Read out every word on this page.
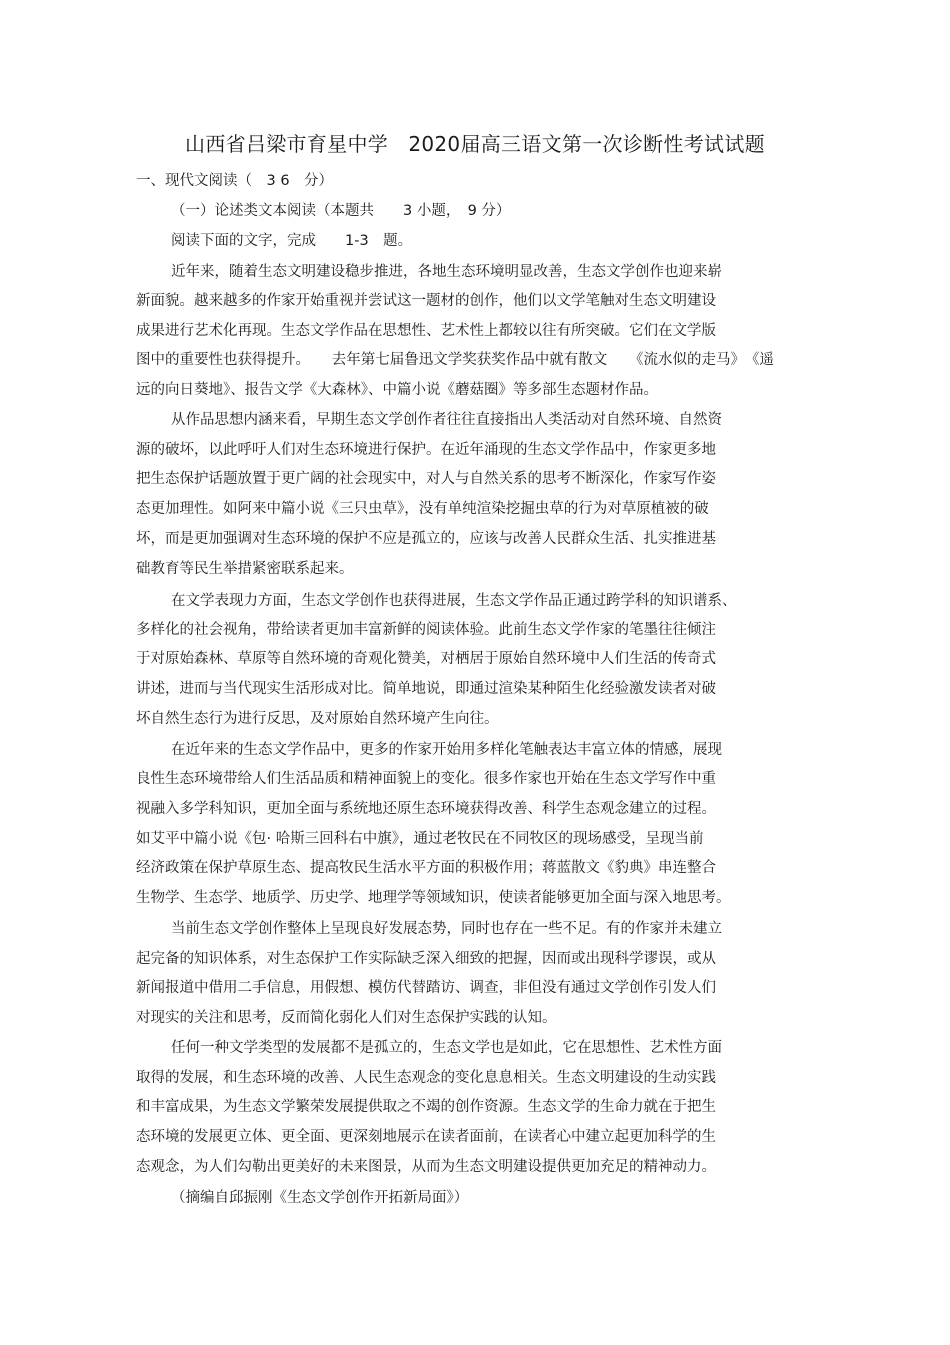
山西省吕梁市育星中学　2020届高三语文第一次诊断性考试试题
一、现代文阅读（　3 6　分）
（一）论述类文本阅读（本题共　　3 小题，　9 分）
阅读下面的文字，完成　　1-3　题。
近年来，随着生态文明建设稳步推进，各地生态环境明显改善，生态文学创作也迎来崭
新面貌。越来越多的作家开始重视并尝试这一题材的创作，他们以文学笔触对生态文明建设
成果进行艺术化再现。生态文学作品在思想性、艺术性上都较以往有所突破。它们在文学版
图中的重要性也获得提升。　　去年第七届鲁迅文学奖获奖作品中就有散文　　《流水似的走马》　《遥
远的向日葵地》、报告文学《大森林》、中篇小说《蘑菇圈》等多部生态题材作品。
从作品思想内涵来看，早期生态文学创作者往往直接指出人类活动对自然环境、自然资
源的破坏，以此呼吁人们对生态环境进行保护。在近年涌现的生态文学作品中，作家更多地
把生态保护话题放置于更广阔的社会现实中，对人与自然关系的思考不断深化，作家写作姿
态更加理性。如阿来中篇小说《三只虫草》，没有单纯渲染挖掘虫草的行为对草原植被的破
坏，而是更加强调对生态环境的保护不应是孤立的，应该与改善人民群众生活、扎实推进基
础教育等民生举措紧密联系起来。
在文学表现力方面，生态文学创作也获得进展，生态文学作品正通过跨学科的知识谱系、
多样化的社会视角，带给读者更加丰富新鲜的阅读体验。此前生态文学作家的笔墨往往倾注
于对原始森林、草原等自然环境的奇观化赞美，对栖居于原始自然环境中人们生活的传奇式
讲述，进而与当代现实生活形成对比。简单地说，即通过渲染某种陌生化经验激发读者对破
坏自然生态行为进行反思，及对原始自然环境产生向往。
在近年来的生态文学作品中，更多的作家开始用多样化笔触表达丰富立体的情感，展现
良性生态环境带给人们生活品质和精神面貌上的变化。很多作家也开始在生态文学写作中重
视融入多学科知识，更加全面与系统地还原生态环境获得改善、科学生态观念建立的过程。
如艾平中篇小说《包· 哈斯三回科右中旗》，通过老牧民在不同牧区的现场感受，呈现当前
经济政策在保护草原生态、提高牧民生活水平方面的积极作用；蒋蓝散文《豹典》串连整合
生物学、生态学、地质学、历史学、地理学等领域知识，使读者能够更加全面与深入地思考。
当前生态文学创作整体上呈现良好发展态势，同时也存在一些不足。有的作家并未建立
起完备的知识体系，对生态保护工作实际缺乏深入细致的把握，因而或出现科学谬误，或从
新闻报道中借用二手信息，用假想、模仿代替踏访、调查，非但没有通过文学创作引发人们
对现实的关注和思考，反而简化弱化人们对生态保护实践的认知。
任何一种文学类型的发展都不是孤立的，生态文学也是如此，它在思想性、艺术性方面
取得的发展，和生态环境的改善、人民生态观念的变化息息相关。生态文明建设的生动实践
和丰富成果，为生态文学繁荣发展提供取之不竭的创作资源。生态文学的生命力就在于把生
态环境的发展更立体、更全面、更深刻地展示在读者面前，在读者心中建立起更加科学的生
态观念，为人们勾勒出更美好的未来图景，从而为生态文明建设提供更加充足的精神动力。
（摘编自邱振刚《生态文学创作开拓新局面》）
